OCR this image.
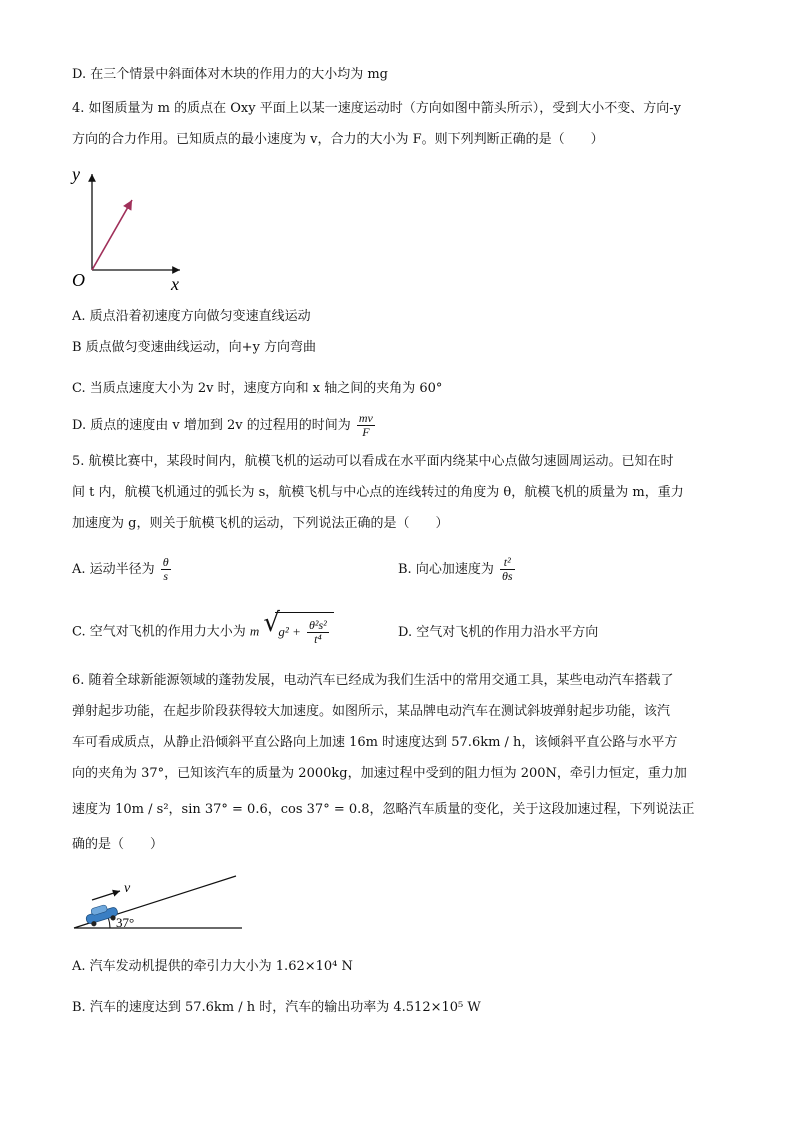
D. 在三个情景中斜面体对木块的作用力的大小均为 mg
4. 如图质量为 m 的质点在 Oxy 平面上以某一速度运动时（方向如图中箭头所示），受到大小不变、方向-y
方向的合力作用。已知质点的最小速度为 v，合力的大小为 F。则下列判断正确的是（　　）
y
x
O
A. 质点沿着初速度方向做匀变速直线运动
B 质点做匀变速曲线运动，向+y 方向弯曲
C. 当质点速度大小为 2v 时，速度方向和 x 轴之间的夹角为 60°
D. 质点的速度由 v 增加到 2v 的过程用的时间为 $\frac{mv}{F}$
5. 航模比赛中，某段时间内，航模飞机的运动可以看成在水平面内绕某中心点做匀速圆周运动。已知在时
间 t 内，航模飞机通过的弧长为 s，航模飞机与中心点的连线转过的角度为 θ，航模飞机的质量为 m，重力
加速度为 g，则关于航模飞机的运动，下列说法正确的是（　　）
A. 运动半径为 $\frac{\theta}{s}$	B. 向心加速度为 $\frac{\text{t²}}{\theta s}$
C. 空气对飞机的作用力大小为 m √
$g^2 + \frac{\text{θ²s²}}{\text{t⁴}}$	D. 空气对飞机的作用力沿水平方向
6. 随着全球新能源领域的蓬勃发展，电动汽车已经成为我们生活中的常用交通工具，某些电动汽车搭载了
弹射起步功能，在起步阶段获得较大加速度。如图所示，某品牌电动汽车在测试斜坡弹射起步功能，该汽
车可看成质点，从静止沿倾斜平直公路向上加速 16m 时速度达到 57.6km / h，该倾斜平直公路与水平方
向的夹角为 37°，已知该汽车的质量为 2000kg，加速过程中受到的阻力恒为 200N，牵引力恒定，重力加
速度为 10m / s²，sin 37° = 0.6，cos 37° = 0.8，忽略汽车质量的变化，关于这段加速过程，下列说法正
确的是（　　）
v
37°
A. 汽车发动机提供的牵引力大小为 1.62×10⁴ N
B. 汽车的速度达到 57.6km / h 时，汽车的输出功率为 4.512×10⁵ W
